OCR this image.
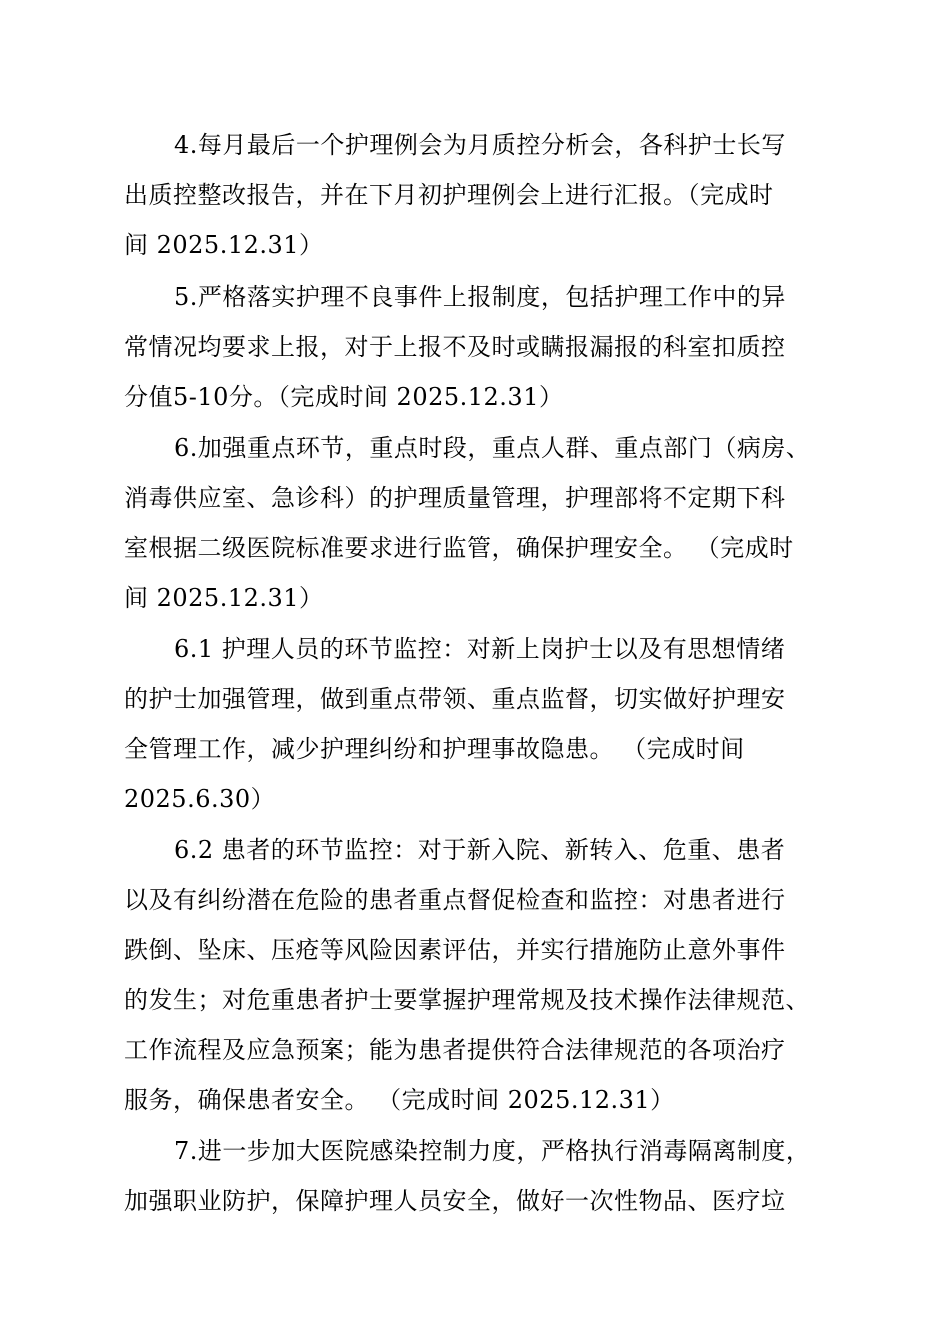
4.每月最后一个护理例会为月质控分析会，各科护士长写
出质控整改报告，并在下月初护理例会上进行汇报。（完成时
间 2025.12.31）
5.严格落实护理不良事件上报制度，包括护理工作中的异
常情况均要求上报，对于上报不及时或瞒报漏报的科室扣质控
分值5-10分。（完成时间 2025.12.31）
6.加强重点环节，重点时段，重点人群、重点部门（病房、
消毒供应室、急诊科）的护理质量管理，护理部将不定期下科
室根据二级医院标准要求进行监管，确保护理安全。 （完成时
间 2025.12.31）
6.1 护理人员的环节监控：对新上岗护士以及有思想情绪
的护士加强管理，做到重点带领、重点监督，切实做好护理安
全管理工作，减少护理纠纷和护理事故隐患。 （完成时间
2025.6.30）
6.2 患者的环节监控：对于新入院、新转入、危重、患者
以及有纠纷潜在危险的患者重点督促检查和监控：对患者进行
跌倒、坠床、压疮等风险因素评估，并实行措施防止意外事件
的发生；对危重患者护士要掌握护理常规及技术操作法律规范、
工作流程及应急预案；能为患者提供符合法律规范的各项治疗
服务，确保患者安全。 （完成时间 2025.12.31）
7.进一步加大医院感染控制力度，严格执行消毒隔离制度，
加强职业防护，保障护理人员安全，做好一次性物品、医疗垃
